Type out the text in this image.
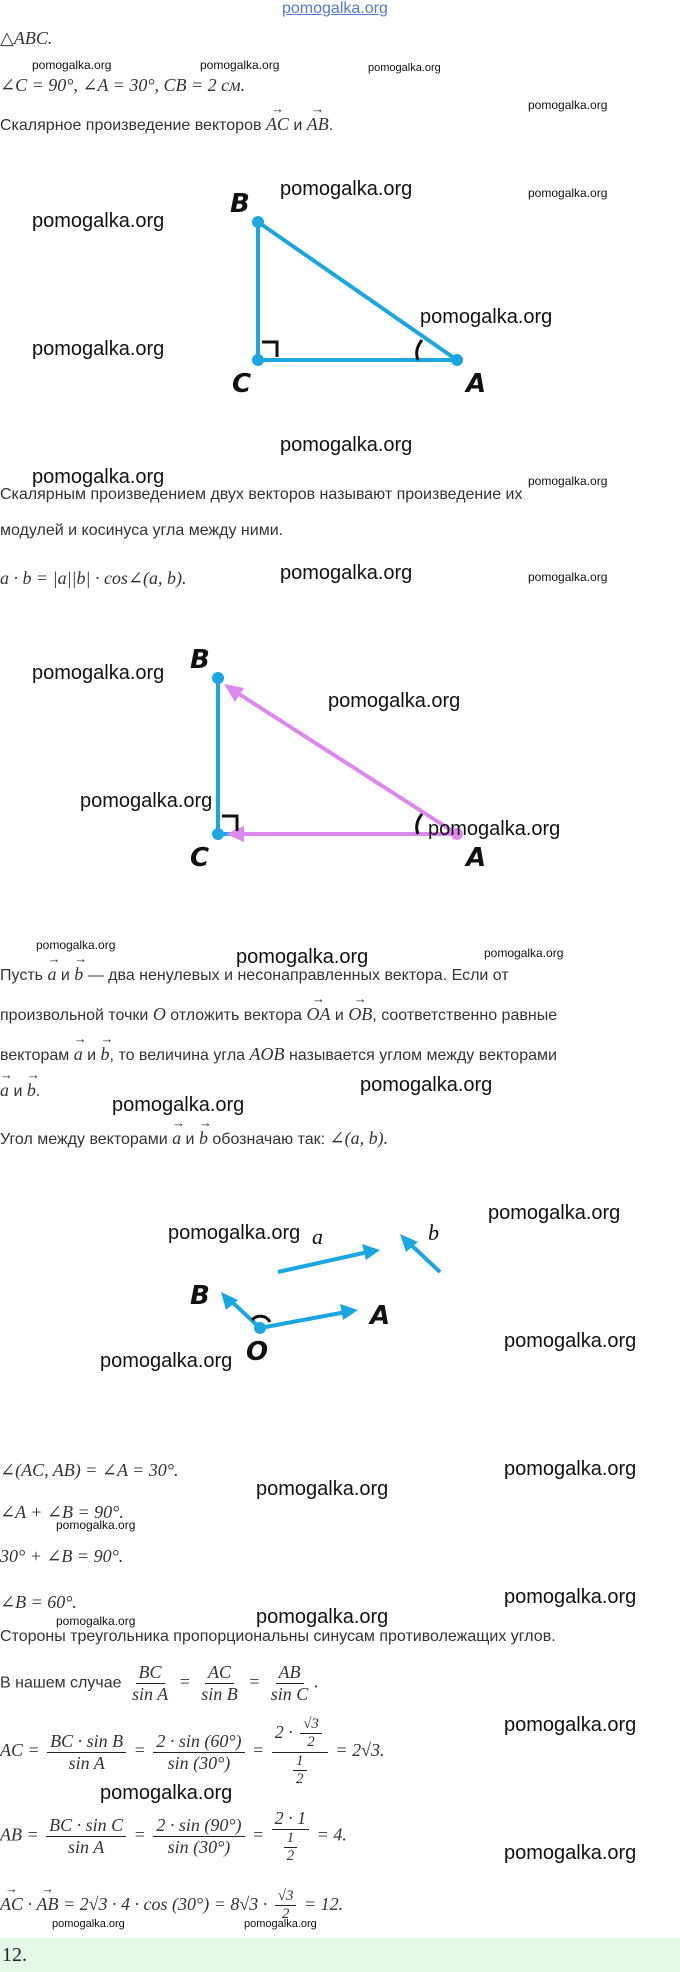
pomogalka.org
△ABC.
∠C = 90°, ∠A = 30°, CB = 2 см.
Скалярное произведение векторов → AC и → AB.
B
C	A
Скалярным произведением двух векторов называют произведение их
модулей и косинуса угла между ними.
a · b = |a||b| · cos∠(a, b).
B
C	A
Пусть → a и → b — два ненулевых и несонаправленных вектора. Если от
произвольной точки O отложить вектора → OA и → OB, соответственно равные
векторам → a и → b, то величина угла AOB называется углом между векторами
→ a и → b.
Угол между векторами → a и → b обозначаю так: ∠(a, b).
a	b
B
A
O
∠(AC, AB) = ∠A = 30°.
∠A + ∠B = 90°.
30° + ∠B = 90°.
∠B = 60°.
Стороны треугольника пропорциональны синусам противолежащих углов.
В нашем случае $\frac{BC}{\text{sin A}} = \frac{AC}{\text{sin B}} = \frac{AB}{\text{sin C}}$ .
AC = $\frac{\text{BC · sin B}}{\text{sin A}} = \frac{2 \cdot \sin (60^\circ)}{\sin (30^\circ)} = \frac{2 \cdot \frac{√3}{2}}{\frac{1}{2}} = 2√3$.
AB = $\frac{\text{BC · sin C}}{\text{sin A}} = \frac{2 \cdot \sin (90^\circ)}{\sin (30^\circ)} = \frac{2 \cdot 1}{\frac{1}{2}} = 4$.
→ AC · → AB = $2√3 \cdot 4 \cdot \cos (30^\circ) = 8√3 \cdot \frac{√3}{2} = 12$.
12.
pomogalka.org	pomogalka.org	pomogalka.org
pomogalka.org
pomogalka.org	pomogalka.org
pomogalka.org
pomogalka.org
pomogalka.org
pomogalka.org
pomogalka.org	pomogalka.org
pomogalka.org	pomogalka.org
pomogalka.org
pomogalka.org
pomogalka.org
pomogalka.org
pomogalka.org
pomogalka.org	pomogalka.org
pomogalka.org
pomogalka.org
pomogalka.org
pomogalka.org
pomogalka.org
pomogalka.org
pomogalka.org
pomogalka.org
pomogalka.org
pomogalka.org
pomogalka.org
pomogalka.org
pomogalka.org
pomogalka.org
pomogalka.org
pomogalka.org	pomogalka.org
